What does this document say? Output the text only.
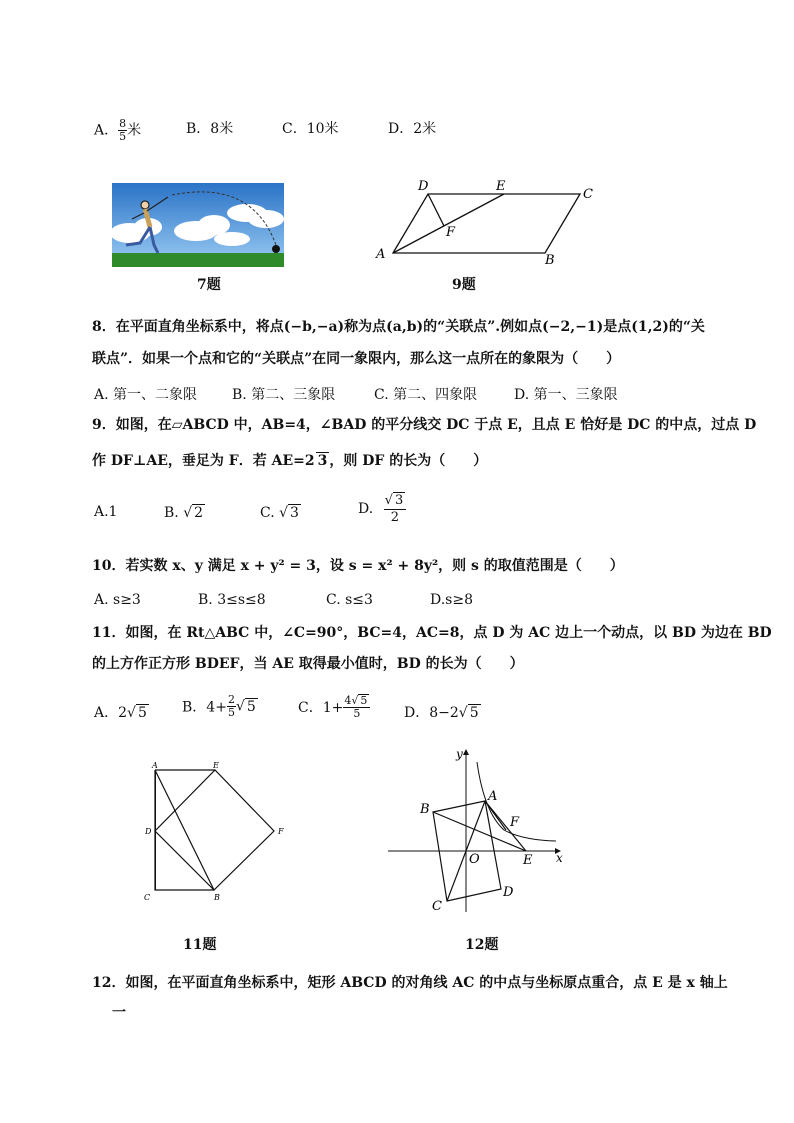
A． $\frac{8}{5}$ 米	B．8米	C．10米	D．2米
7题
A	B
C
D	E
F
9题
8．在平面直角坐标系中，将点(−b,−a)称为点(a,b)的“关联点”.例如点(−2,−1)是点(1,2)的“关
联点”．如果一个点和它的“关联点”在同一象限内，那么这一点所在的象限为（　　）
A. 第一、二象限 B. 第二、三象限	C. 第二、四象限	D. 第一、三象限
9．如图，在▱ABCD 中，AB=4，∠BAD 的平分线交 DC 于点 E，且点 E 恰好是 DC 的中点，过点 D
作 DF⊥AE，垂足为 F．若 AE=2 3 ，则 DF 的长为（　　）
A.1	B. √ 2	C. √ 3	D. $\frac{√ 3}{2}$
10．若实数 x、y 满足 x + y² = 3，设 s = x² + 8y²，则 s 的取值范围是（　　）
A. s≥3	B. 3≤s≤8	C. s≤3	D.s≥8
11．如图，在 Rt△ABC 中，∠C=90°，BC=4，AC=8，点 D 为 AC 边上一个动点，以 BD 为边在 BD
的上方作正方形 BDEF，当 AE 取得最小值时，BD 的长为（　　）
A．2√ 5	B．$4+ \frac{2}{5}$ √ 5	C．$1+ \frac{4√ 5}{5}$ D．8−2√ 5
A
B
C
D
E
F
11题
A
B
C
D
E
F
O	x
y
12题
12．如图，在平面直角坐标系中，矩形 ABCD 的对角线 AC 的中点与坐标原点重合，点 E 是 x 轴上
一
